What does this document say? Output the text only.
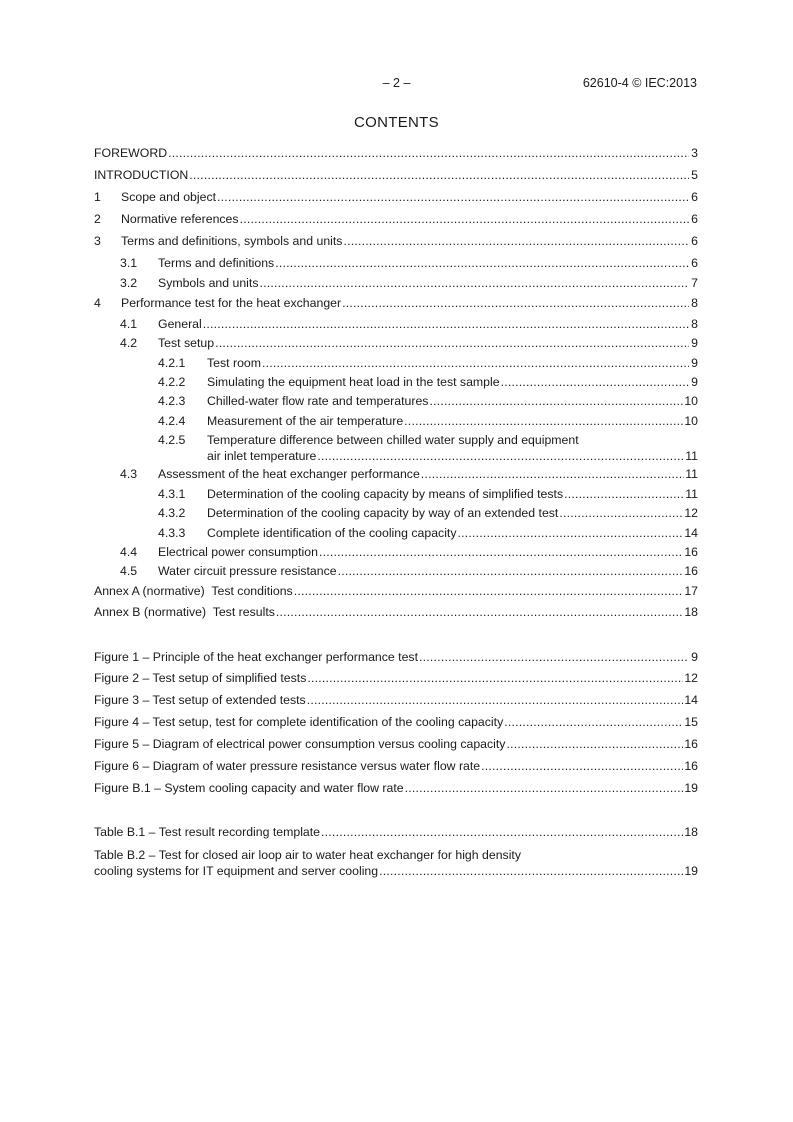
– 2 –	62610-4 © IEC:2013
CONTENTS
FOREWORD . . .	3
INTRODUCTION . . .	5
1	Scope and object . . .	6
2	Normative references . . .	6
3	Terms and definitions, symbols and units . . .	6
3.1	Terms and definitions . . .	6
3.2	Symbols and units . . .	7
4	Performance test for the heat exchanger . . .	8
4.1	General . . .	8
4.2	Test setup . . .	9
4.2.1	Test room . . .	9
4.2.2	Simulating the equipment heat load in the test sample . . .	9
4.2.3	Chilled-water flow rate and temperatures . . .	10
4.2.4	Measurement of the air temperature . . .	10
4.2.5	Temperature difference between chilled water supply and equipment
air inlet temperature . . .	11
4.3	Assessment of the heat exchanger performance . . .	11
4.3.1	Determination of the cooling capacity by means of simplified tests . . .	11
4.3.2	Determination of the cooling capacity by way of an extended test . . .	12
4.3.3	Complete identification of the cooling capacity . . .	14
4.4	Electrical power consumption . . .	16
4.5	Water circuit pressure resistance . . .	16
Annex A (normative)  Test conditions . . .	17
Annex B (normative)  Test results . . .	18
Figure 1 – Principle of the heat exchanger performance test . . .	9
Figure 2 – Test setup of simplified tests . . .	12
Figure 3 – Test setup of extended tests . . .	14
Figure 4 – Test setup, test for complete identification of the cooling capacity . . .	15
Figure 5 – Diagram of electrical power consumption versus cooling capacity . . .	16
Figure 6 – Diagram of water pressure resistance versus water flow rate . . .	16
Figure B.1 – System cooling capacity and water flow rate . . .	19
Table B.1 – Test result recording template . . .	18
Table B.2 – Test for closed air loop air to water heat exchanger for high density
cooling systems for IT equipment and server cooling . . .	19
